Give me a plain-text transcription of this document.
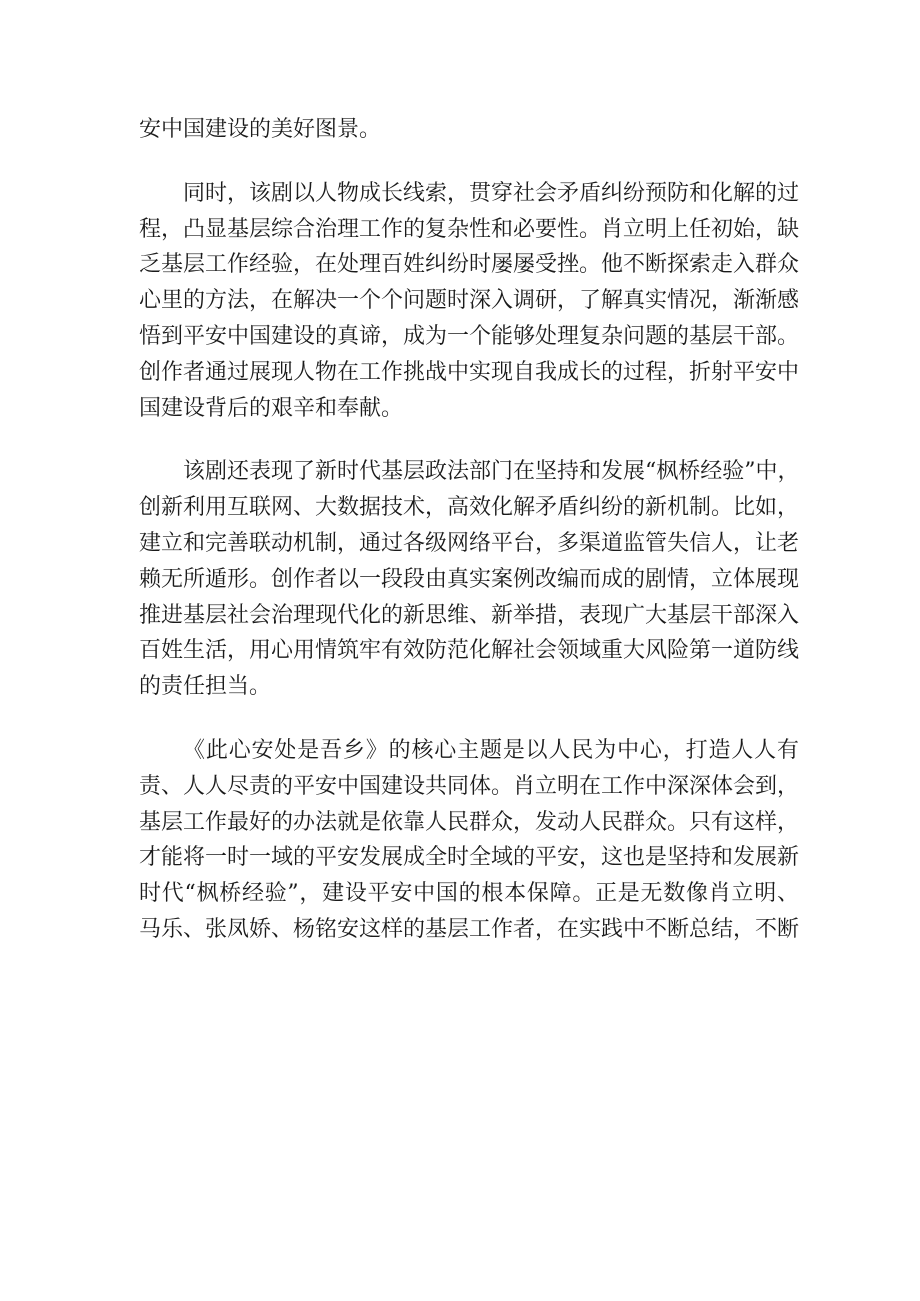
安中国建设的美好图景。
同时，该剧以人物成长线索，贯穿社会矛盾纠纷预防和化解的过
程，凸显基层综合治理工作的复杂性和必要性。肖立明上任初始，缺
乏基层工作经验，在处理百姓纠纷时屡屡受挫。他不断探索走入群众
心里的方法，在解决一个个问题时深入调研，了解真实情况，渐渐感
悟到平安中国建设的真谛，成为一个能够处理复杂问题的基层干部。
创作者通过展现人物在工作挑战中实现自我成长的过程，折射平安中
国建设背后的艰辛和奉献。
该剧还表现了新时代基层政法部门在坚持和发展“枫桥经验”中，
创新利用互联网、大数据技术，高效化解矛盾纠纷的新机制。比如，
建立和完善联动机制，通过各级网络平台，多渠道监管失信人，让老
赖无所遁形。创作者以一段段由真实案例改编而成的剧情，立体展现
推进基层社会治理现代化的新思维、新举措，表现广大基层干部深入
百姓生活，用心用情筑牢有效防范化解社会领域重大风险第一道防线
的责任担当。
《此心安处是吾乡》的核心主题是以人民为中心，打造人人有
责、人人尽责的平安中国建设共同体。肖立明在工作中深深体会到，
基层工作最好的办法就是依靠人民群众，发动人民群众。只有这样，
才能将一时一域的平安发展成全时全域的平安，这也是坚持和发展新
时代“枫桥经验”，建设平安中国的根本保障。正是无数像肖立明、
马乐、张凤娇、杨铭安这样的基层工作者，在实践中不断总结，不断
